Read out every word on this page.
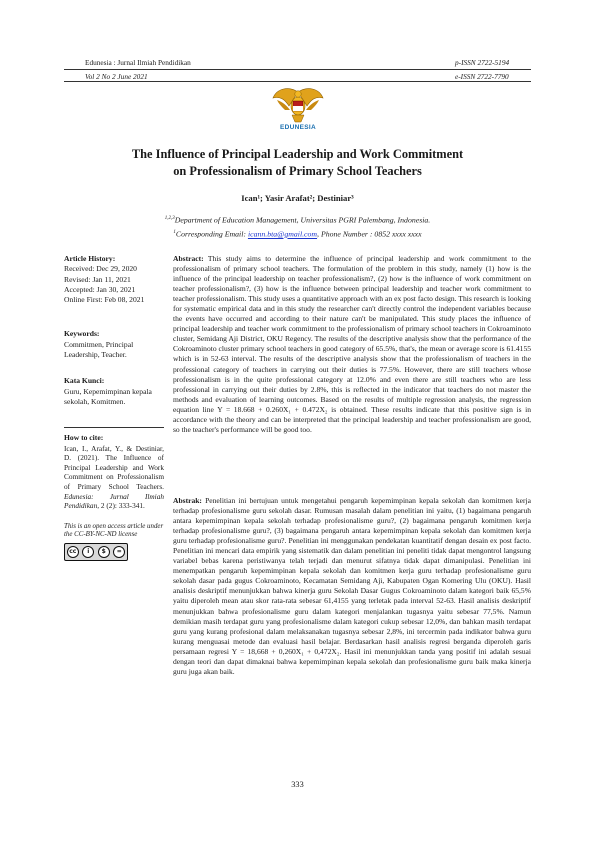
Edunesia : Jurnal Ilmiah Pendidikan
Vol 2 No 2 June 2021
p-ISSN 2722-5194
e-ISSN 2722-7790
EDUNESIA
The Influence of Principal Leadership and Work Commitment
on Professionalism of Primary School Teachers
Ican¹; Yasir Arafat²; Destiniar³
$^{1,2,3}$Department of Education Management, Universitas PGRI Palembang, Indonesia.
$^1$Corresponding Email: icann.bta@gmail.com, Phone Number : 0852 xxxx xxxx
Article History:
Received: Dec 29, 2020
Revised: Jan 11, 2021
Accepted: Jan 30, 2021
Online First: Feb 08, 2021
Keywords:
Commitmen, Principal Leadership, Teacher.
Kata Kunci:
Guru, Kepemimpinan kepala sekolah, Komitmen.
How to cite:
Ican, I., Arafat, Y., & Destiniar, D. (2021). The Influence of Principal Leadership and Work Commitment on Professionalism of Primary School Teachers. Edunesia: Jurnal Ilmiah Pendidikan, 2 (2): 333-341.
This is an open access article under the CC-BY-NC-ND license
cc	i	$	=
Abstract: This study aims to determine the influence of principal leadership and work commitment to the professionalism of primary school teachers. The formulation of the problem in this study, namely (1) how is the influence of the principal leadership on teacher professionalism?, (2) how is the influence of work commitment on teacher professionalism?, (3) how is the influence between principal leadership and teacher work commitment to teacher professionalism. This study uses a quantitative approach with an ex post facto design. This research is looking for systematic empirical data and in this study the researcher can't directly control the independent variables because the events have occurred and according to their nature can't be manipulated. This study places the influence of principal leadership and teacher work commitment to the professionalism of primary school teachers in Cokroaminoto cluster, Semidang Aji District, OKU Regency. The results of the descriptive analysis show that the performance of the Cokroaminoto cluster primary school teachers in good category of 65.5%, that's, the mean or average score is 61.4155 which is in 52-63 interval. The results of the descriptive analysis show that the professionalism of teachers in the professional category of teachers in carrying out their duties is 77.5%. However, there are still teachers whose professionalism is in the quite professional category at 12.0% and even there are still teachers who are less professional in carrying out their duties by 2.8%, this is reflected in the indicator that teachers do not master the methods and evaluation of learning outcomes. Based on the results of multiple regression analysis, the regression equation line Y = 18.668 + 0.260X₁ + 0.472X₂ is obtained. These results indicate that this positive sign is in accordance with the theory and can be interpreted that the principal leadership and teacher professionalism are good, so the teacher's performance will be good too.
Abstrak: Penelitian ini bertujuan untuk mengetahui pengaruh kepemimpinan kepala sekolah dan komitmen kerja terhadap profesionalisme guru sekolah dasar. Rumusan masalah dalam penelitian ini yaitu, (1) bagaimana pengaruh antara kepemimpinan kepala sekolah terhadap profesionalisme guru?, (2) bagaimana pengaruh komitmen kerja terhadap profesionalisme guru?, (3) bagaimana pengaruh antara kepemimpinan kepala sekolah dan komitmen kerja guru terhadap profesionalisme guru?. Penelitian ini menggunakan pendekatan kuantitatif dengan desain ex post facto. Penelitian ini mencari data empirik yang sistematik dan dalam penelitian ini peneliti tidak dapat mengontrol langsung variabel bebas karena peristiwanya telah terjadi dan menurut sifatnya tidak dapat dimanipulasi. Penelitian ini menempatkan pengaruh kepemimpinan kepala sekolah dan komitmen kerja guru terhadap profesionalisme guru sekolah dasar pada gugus Cokroaminoto, Kecamatan Semidang Aji, Kabupaten Ogan Komering Ulu (OKU). Hasil analisis deskriptif menunjukkan bahwa kinerja guru Sekolah Dasar Gugus Cokroaminoto dalam kategori baik 65,5% yaitu diperoleh mean atau skor rata-rata sebesar 61,4155 yang terletak pada interval 52-63. Hasil analisis deskriptif menunjukkan bahwa profesionalisme guru dalam kategori menjalankan tugasnya yaitu sebesar 77,5%. Namun demikian masih terdapat guru yang profesionalisme dalam kategori cukup sebesar 12,0%, dan bahkan masih terdapat guru yang kurang profesional dalam melaksanakan tugasnya sebesar 2,8%, ini tercermin pada indikator bahwa guru kurang menguasai metode dan evaluasi hasil belajar. Berdasarkan hasil analisis regresi berganda diperoleh garis persamaan regresi Y = 18,668 + 0,260X₁ + 0,472X₂. Hasil ini menunjukkan tanda yang positif ini adalah sesuai dengan teori dan dapat dimaknai bahwa kepemimpinan kepala sekolah dan profesionalisme guru baik maka kinerja guru juga akan baik.
333
